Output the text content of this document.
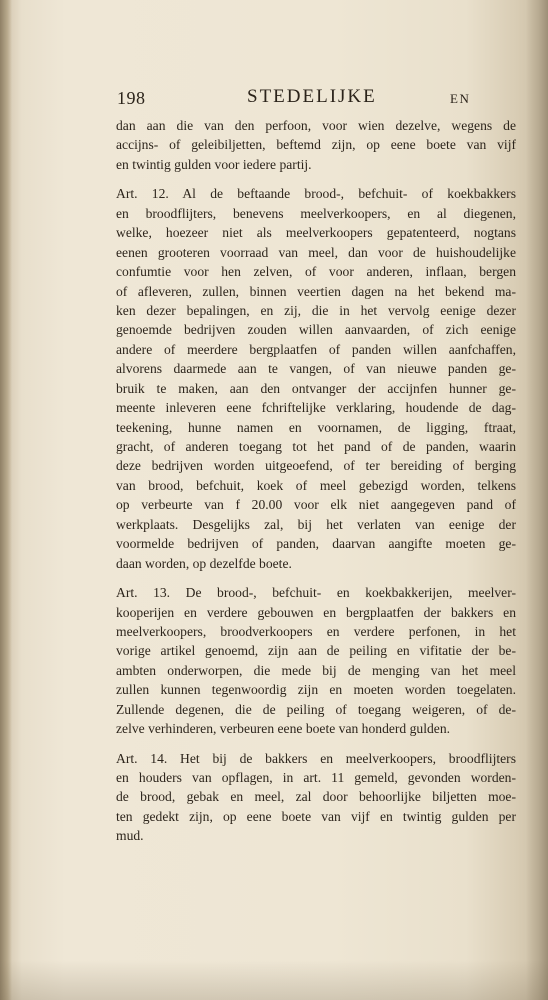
198	STEDELIJKE	EN
dan aan die van den perfoon, voor wien dezelve, wegens de
accijns- of geleibiljetten, beftemd zijn, op eene boete van vijf
en twintig gulden voor iedere partij.
Art. 12. Al de beftaande brood-, befchuit- of koekbakkers
en broodflijters, benevens meelverkoopers, en al diegenen,
welke, hoezeer niet als meelverkoopers gepatenteerd, nogtans
eenen grooteren voorraad van meel, dan voor de huishoudelijke
confumtie voor hen zelven, of voor anderen, inflaan, bergen
of afleveren, zullen, binnen veertien dagen na het bekend ma-
ken dezer bepalingen, en zij, die in het vervolg eenige dezer
genoemde bedrijven zouden willen aanvaarden, of zich eenige
andere of meerdere bergplaatfen of panden willen aanfchaffen,
alvorens daarmede aan te vangen, of van nieuwe panden ge-
bruik te maken, aan den ontvanger der accijnfen hunner ge-
meente inleveren eene fchriftelijke verklaring, houdende de dag-
teekening, hunne namen en voornamen, de ligging, ftraat,
gracht, of anderen toegang tot het pand of de panden, waarin
deze bedrijven worden uitgeoefend, of ter bereiding of berging
van brood, befchuit, koek of meel gebezigd worden, telkens
op verbeurte van f 20.00 voor elk niet aangegeven pand of
werkplaats. Desgelijks zal, bij het verlaten van eenige der
voormelde bedrijven of panden, daarvan aangifte moeten ge-
daan worden, op dezelfde boete.
Art. 13. De brood-, befchuit- en koekbakkerijen, meelver-
kooperijen en verdere gebouwen en bergplaatfen der bakkers en
meelverkoopers, broodverkoopers en verdere perfonen, in het
vorige artikel genoemd, zijn aan de peiling en vifitatie der be-
ambten onderworpen, die mede bij de menging van het meel
zullen kunnen tegenwoordig zijn en moeten worden toegelaten.
Zullende degenen, die de peiling of toegang weigeren, of de-
zelve verhinderen, verbeuren eene boete van honderd gulden.
Art. 14. Het bij de bakkers en meelverkoopers, broodflijters
en houders van opflagen, in art. 11 gemeld, gevonden worden-
de brood, gebak en meel, zal door behoorlijke biljetten moe-
ten gedekt zijn, op eene boete van vijf en twintig gulden per
mud.
